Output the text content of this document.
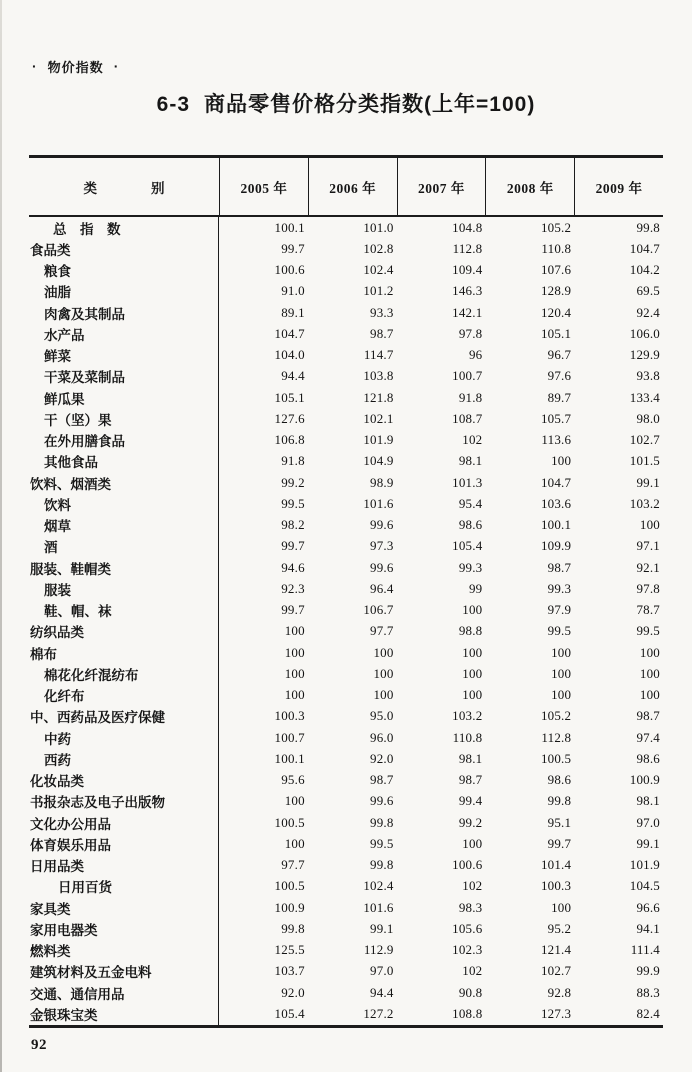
· 物价指数 ·
6-3 商品零售价格分类指数(上年=100)
类　　　　别	2005 年	2006 年	2007 年	2008 年	2009 年
总　指　数	100.1	101.0	104.8	105.2	99.8
食品类	99.7	102.8	112.8	110.8	104.7
粮食	100.6	102.4	109.4	107.6	104.2
油脂	91.0	101.2	146.3	128.9	69.5
肉禽及其制品	89.1	93.3	142.1	120.4	92.4
水产品	104.7	98.7	97.8	105.1	106.0
鲜菜	104.0	114.7	96	96.7	129.9
干菜及菜制品	94.4	103.8	100.7	97.6	93.8
鲜瓜果	105.1	121.8	91.8	89.7	133.4
干（坚）果	127.6	102.1	108.7	105.7	98.0
在外用膳食品	106.8	101.9	102	113.6	102.7
其他食品	91.8	104.9	98.1	100	101.5
饮料、烟酒类	99.2	98.9	101.3	104.7	99.1
饮料	99.5	101.6	95.4	103.6	103.2
烟草	98.2	99.6	98.6	100.1	100
酒	99.7	97.3	105.4	109.9	97.1
服装、鞋帽类	94.6	99.6	99.3	98.7	92.1
服装	92.3	96.4	99	99.3	97.8
鞋、帽、袜	99.7	106.7	100	97.9	78.7
纺织品类	100	97.7	98.8	99.5	99.5
棉布	100	100	100	100	100
棉花化纤混纺布	100	100	100	100	100
化纤布	100	100	100	100	100
中、西药品及医疗保健	100.3	95.0	103.2	105.2	98.7
中药	100.7	96.0	110.8	112.8	97.4
西药	100.1	92.0	98.1	100.5	98.6
化妆品类	95.6	98.7	98.7	98.6	100.9
书报杂志及电子出版物	100	99.6	99.4	99.8	98.1
文化办公用品	100.5	99.8	99.2	95.1	97.0
体育娱乐用品	100	99.5	100	99.7	99.1
日用品类	97.7	99.8	100.6	101.4	101.9
日用百货	100.5	102.4	102	100.3	104.5
家具类	100.9	101.6	98.3	100	96.6
家用电器类	99.8	99.1	105.6	95.2	94.1
燃料类	125.5	112.9	102.3	121.4	111.4
建筑材料及五金电料	103.7	97.0	102	102.7	99.9
交通、通信用品	92.0	94.4	90.8	92.8	88.3
金银珠宝类	105.4	127.2	108.8	127.3	82.4
92
